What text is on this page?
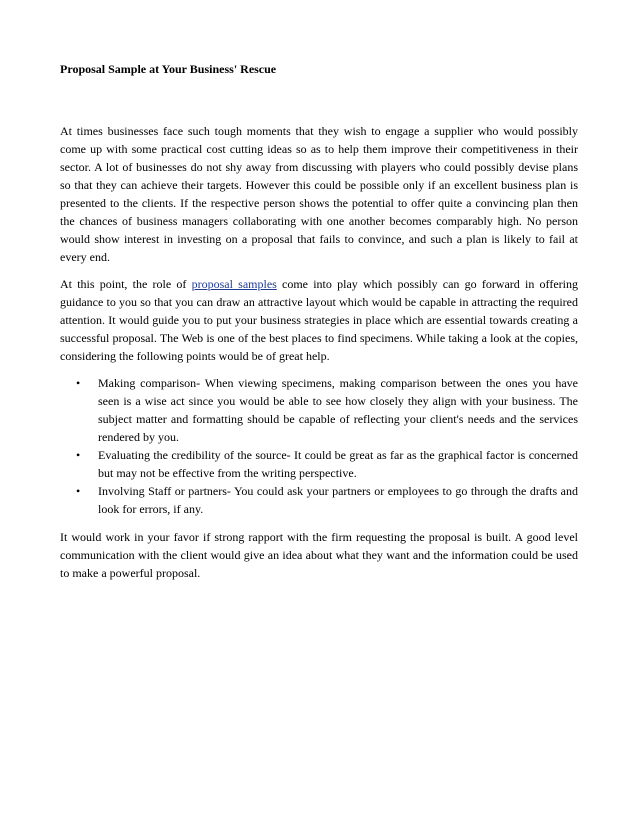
Proposal Sample at Your Business' Rescue

At times businesses face such tough moments that they wish to engage a supplier who would possibly come up with some practical cost cutting ideas so as to help them improve their competitiveness in their sector. A lot of businesses do not shy away from discussing with players who could possibly devise plans so that they can achieve their targets. However this could be possible only if an excellent business plan is presented to the clients. If the respective person shows the potential to offer quite a convincing plan then the chances of business managers collaborating with one another becomes comparably high. No person would show interest in investing on a proposal that fails to convince, and such a plan is likely to fail at every end.

At this point, the role of proposal samples come into play which possibly can go forward in offering guidance to you so that you can draw an attractive layout which would be capable in attracting the required attention. It would guide you to put your business strategies in place which are essential towards creating a successful proposal. The Web is one of the best places to find specimens. While taking a look at the copies, considering the following points would be of great help.

• Making comparison- When viewing specimens, making comparison between the ones you have seen is a wise act since you would be able to see how closely they align with your business. The subject matter and formatting should be capable of reflecting your client's needs and the services rendered by you.
• Evaluating the credibility of the source- It could be great as far as the graphical factor is concerned but may not be effective from the writing perspective.
• Involving Staff or partners- You could ask your partners or employees to go through the drafts and look for errors, if any.

It would work in your favor if strong rapport with the firm requesting the proposal is built. A good level communication with the client would give an idea about what they want and the information could be used to make a powerful proposal.
